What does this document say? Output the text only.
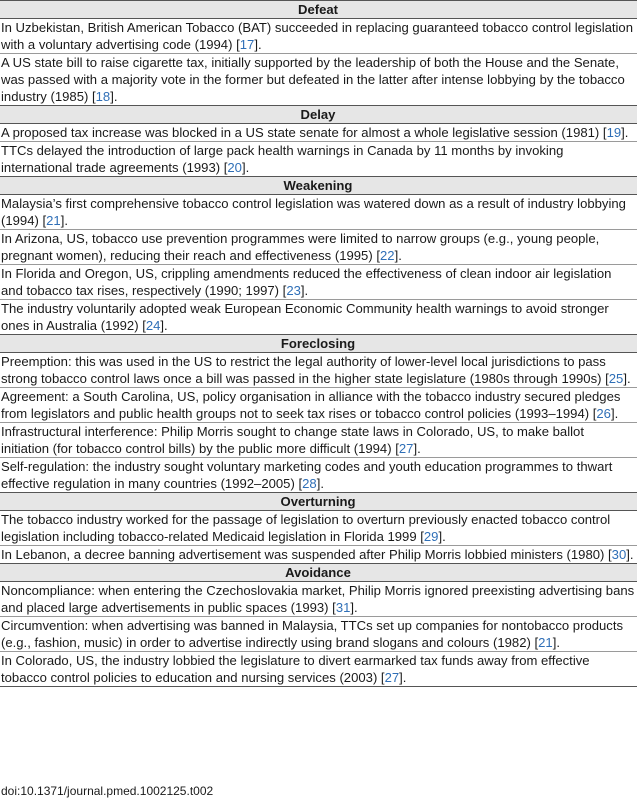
Defeat
In Uzbekistan, British American Tobacco (BAT) succeeded in replacing guaranteed tobacco control legislation with a voluntary advertising code (1994) [17].
A US state bill to raise cigarette tax, initially supported by the leadership of both the House and the Senate, was passed with a majority vote in the former but defeated in the latter after intense lobbying by the tobacco industry (1985) [18].
Delay
A proposed tax increase was blocked in a US state senate for almost a whole legislative session (1981) [19].
TTCs delayed the introduction of large pack health warnings in Canada by 11 months by invoking international trade agreements (1993) [20].
Weakening
Malaysia’s first comprehensive tobacco control legislation was watered down as a result of industry lobbying (1994) [21].
In Arizona, US, tobacco use prevention programmes were limited to narrow groups (e.g., young people, pregnant women), reducing their reach and effectiveness (1995) [22].
In Florida and Oregon, US, crippling amendments reduced the effectiveness of clean indoor air legislation and tobacco tax rises, respectively (1990; 1997) [23].
The industry voluntarily adopted weak European Economic Community health warnings to avoid stronger ones in Australia (1992) [24].
Foreclosing
Preemption: this was used in the US to restrict the legal authority of lower-level local jurisdictions to pass strong tobacco control laws once a bill was passed in the higher state legislature (1980s through 1990s) [25].
Agreement: a South Carolina, US, policy organisation in alliance with the tobacco industry secured pledges from legislators and public health groups not to seek tax rises or tobacco control policies (1993–1994) [26].
Infrastructural interference: Philip Morris sought to change state laws in Colorado, US, to make ballot initiation (for tobacco control bills) by the public more difficult (1994) [27].
Self-regulation: the industry sought voluntary marketing codes and youth education programmes to thwart effective regulation in many countries (1992–2005) [28].
Overturning
The tobacco industry worked for the passage of legislation to overturn previously enacted tobacco control legislation including tobacco-related Medicaid legislation in Florida 1999 [29].
In Lebanon, a decree banning advertisement was suspended after Philip Morris lobbied ministers (1980) [30].
Avoidance
Noncompliance: when entering the Czechoslovakia market, Philip Morris ignored preexisting advertising bans and placed large advertisements in public spaces (1993) [31].
Circumvention: when advertising was banned in Malaysia, TTCs set up companies for nontobacco products (e.g., fashion, music) in order to advertise indirectly using brand slogans and colours (1982) [21].
In Colorado, US, the industry lobbied the legislature to divert earmarked tax funds away from effective tobacco control policies to education and nursing services (2003) [27].
doi:10.1371/journal.pmed.1002125.t002
